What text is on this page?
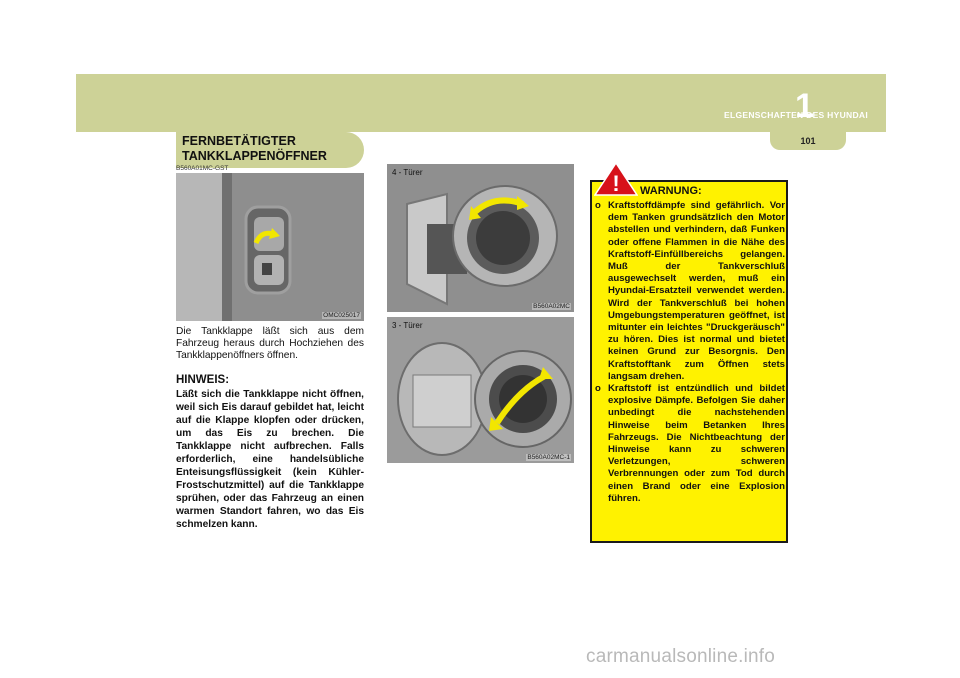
ELGENSCHAFTEN DES HYUNDAI
1
101
FERNBETÄTIGTER
TANKKLAPPENÖFFNER
B560A01MC-GST
OMC025017
4 - Türer
B560A02MC
3 - Türer
B560A02MC-1
Die Tankklappe läßt sich aus dem Fahrzeug heraus durch Hochziehen des Tankklappenöffners öffnen.
HINWEIS:
Läßt sich die Tankklappe nicht öffnen, weil sich Eis darauf gebildet hat, leicht auf die Klappe klopfen oder drücken, um das Eis zu brechen. Die Tankklappe nicht aufbrechen. Falls erforderlich, eine handelsübliche Enteisungsflüssigkeit (kein Kühler-Frostschutzmittel) auf die Tankklappe sprühen, oder das Fahrzeug an einen warmen Standort fahren, wo das Eis schmelzen kann.
! WARNUNG:
o Kraftstoffdämpfe sind gefährlich. Vor dem Tanken grundsätzlich den Motor abstellen und verhindern, daß Funken oder offene Flammen in die Nähe des Kraftstoff-Einfüllbereichs gelangen. Muß der Tankverschluß ausgewechselt werden, muß ein Hyundai-Ersatzteil verwendet werden. Wird der Tankverschluß bei hohen Umgebungstemperaturen geöffnet, ist mitunter ein leichtes "Druckgeräusch" zu hören. Dies ist normal und bietet keinen Grund zur Besorgnis. Den Kraftstofftank zum Öffnen stets langsam drehen.
o Kraftstoff ist entzündlich und bildet explosive Dämpfe. Befolgen Sie daher unbedingt die nachstehenden Hinweise beim Betanken Ihres Fahrzeugs. Die Nichtbeachtung der Hinweise kann zu schweren Verletzungen, schweren Verbrennungen oder zum Tod durch einen Brand oder eine Explosion führen.
carmanualsonline.info
